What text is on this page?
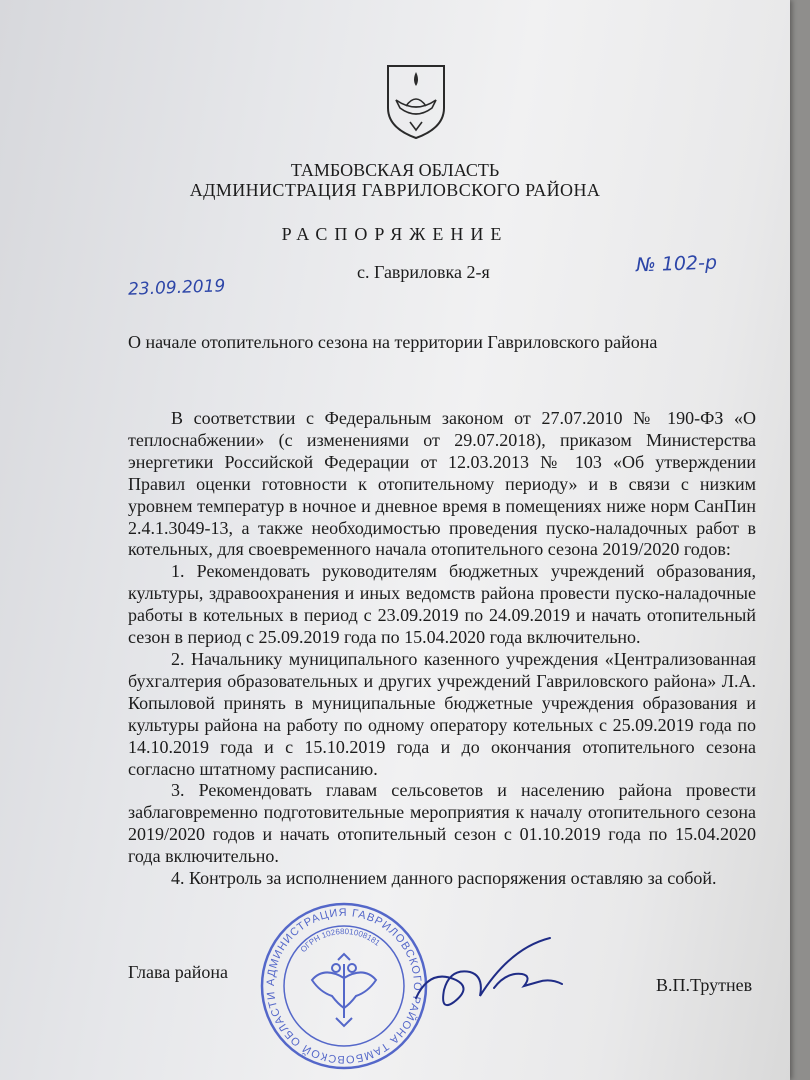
ТАМБОВСКАЯ ОБЛАСТЬ
АДМИНИСТРАЦИЯ ГАВРИЛОВСКОГО РАЙОНА
РАСПОРЯЖЕНИЕ
23.09.2019
с. Гавриловка 2-я	№ 102-р
О начале отопительного сезона на территории Гавриловского района

В соответствии с Федеральным законом от 27.07.2010 № 190-ФЗ «О теплоснабжении» (с изменениями от 29.07.2018), приказом Министерства энергетики Российской Федерации от 12.03.2013 № 103 «Об утверждении Правил оценки готовности к отопительному периоду» и в связи с низким уровнем температур в ночное и дневное время в помещениях ниже норм СанПин 2.4.1.3049-13, а также необходимостью проведения пуско-наладочных работ в котельных, для своевременного начала отопительного сезона 2019/2020 годов:

1. Рекомендовать руководителям бюджетных учреждений образования, культуры, здравоохранения и иных ведомств района провести пуско-наладочные работы в котельных в период с 23.09.2019 по 24.09.2019 и начать отопительный сезон в период с 25.09.2019 года по 15.04.2020 года включительно.

2. Начальнику муниципального казенного учреждения «Централизованная бухгалтерия образовательных и других учреждений Гавриловского района» Л.А. Копыловой принять в муниципальные бюджетные учреждения образования и культуры района на работу по одному оператору котельных с 25.09.2019 года по 14.10.2019 года и с 15.10.2019 года и до окончания отопительного сезона согласно штатному расписанию.

3. Рекомендовать главам сельсоветов и населению района провести заблаговременно подготовительные мероприятия к началу отопительного сезона 2019/2020 годов и начать отопительный сезон с 01.10.2019 года по 15.04.2020 года включительно.

4. Контроль за исполнением данного распоряжения оставляю за собой.

АДМИНИСТРАЦИЯ ГАВРИЛОВСКОГО РАЙОНА ТАМБОВСКОЙ ОБЛАСТИ
ОГРН 1026801008181
Глава района
В.П.Трутнев
